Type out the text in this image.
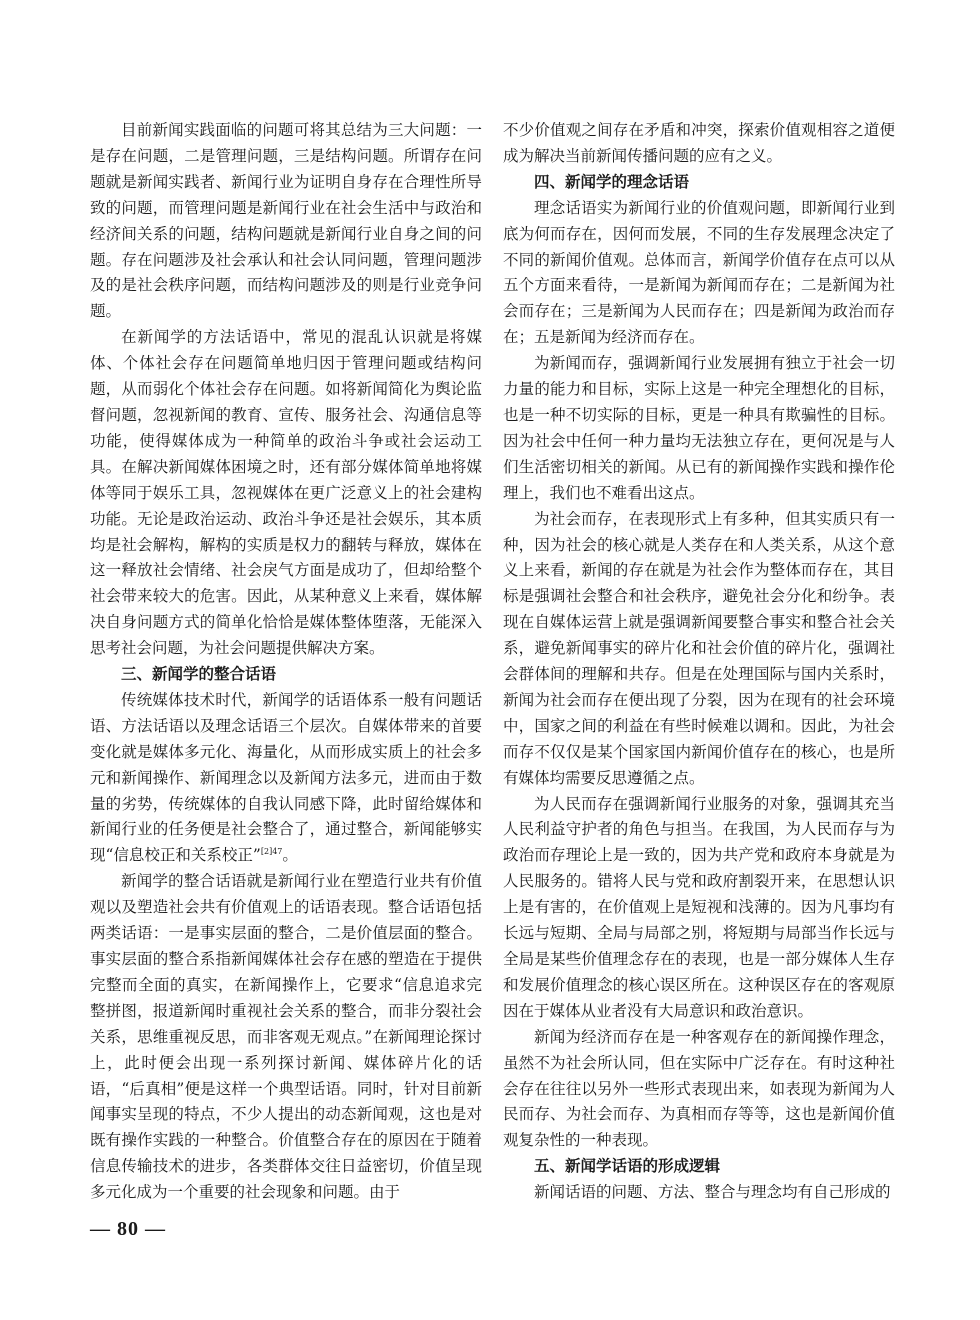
目前新闻实践面临的问题可将其总结为三大问题：一是存在问题，二是管理问题，三是结构问题。所谓存在问题就是新闻实践者、新闻行业为证明自身存在合理性所导致的问题，而管理问题是新闻行业在社会生活中与政治和经济间关系的问题，结构问题就是新闻行业自身之间的问题。存在问题涉及社会承认和社会认同问题，管理问题涉及的是社会秩序问题，而结构问题涉及的则是行业竞争问题。

在新闻学的方法话语中，常见的混乱认识就是将媒体、个体社会存在问题简单地归因于管理问题或结构问题，从而弱化个体社会存在问题。如将新闻简化为舆论监督问题，忽视新闻的教育、宣传、服务社会、沟通信息等功能，使得媒体成为一种简单的政治斗争或社会运动工具。在解决新闻媒体困境之时，还有部分媒体简单地将媒体等同于娱乐工具，忽视媒体在更广泛意义上的社会建构功能。无论是政治运动、政治斗争还是社会娱乐，其本质均是社会解构，解构的实质是权力的翻转与释放，媒体在这一释放社会情绪、社会戾气方面是成功了，但却给整个社会带来较大的危害。因此，从某种意义上来看，媒体解决自身问题方式的简单化恰恰是媒体整体堕落，无能深入思考社会问题，为社会问题提供解决方案。

三、新闻学的整合话语

传统媒体技术时代，新闻学的话语体系一般有问题话语、方法话语以及理念话语三个层次。自媒体带来的首要变化就是媒体多元化、海量化，从而形成实质上的社会多元和新闻操作、新闻理念以及新闻方法多元，进而由于数量的劣势，传统媒体的自我认同感下降，此时留给媒体和新闻行业的任务便是社会整合了，通过整合，新闻能够实现“信息校正和关系校正”$^{[2]47}$。

新闻学的整合话语就是新闻行业在塑造行业共有价值观以及塑造社会共有价值观上的话语表现。整合话语包括两类话语：一是事实层面的整合，二是价值层面的整合。事实层面的整合系指新闻媒体社会存在感的塑造在于提供完整而全面的真实，在新闻操作上，它要求“信息追求完整拼图，报道新闻时重视社会关系的整合，而非分裂社会关系，思维重视反思，而非客观无观点。”在新闻理论探讨上，此时便会出现一系列探讨新闻、媒体碎片化的话语，“后真相”便是这样一个典型话语。同时，针对目前新闻事实呈现的特点，不少人提出的动态新闻观，这也是对既有操作实践的一种整合。价值整合存在的原因在于随着信息传输技术的进步，各类群体交往日益密切，价值呈现多元化成为一个重要的社会现象和问题。由于

不少价值观之间存在矛盾和冲突，探索价值观相容之道便成为解决当前新闻传播问题的应有之义。

四、新闻学的理念话语

理念话语实为新闻行业的价值观问题，即新闻行业到底为何而存在，因何而发展，不同的生存发展理念决定了不同的新闻价值观。总体而言，新闻学价值存在点可以从五个方面来看待，一是新闻为新闻而存在；二是新闻为社会而存在；三是新闻为人民而存在；四是新闻为政治而存在；五是新闻为经济而存在。

为新闻而存，强调新闻行业发展拥有独立于社会一切力量的能力和目标，实际上这是一种完全理想化的目标，也是一种不切实际的目标，更是一种具有欺骗性的目标。因为社会中任何一种力量均无法独立存在，更何况是与人们生活密切相关的新闻。从已有的新闻操作实践和操作伦理上，我们也不难看出这点。

为社会而存，在表现形式上有多种，但其实质只有一种，因为社会的核心就是人类存在和人类关系，从这个意义上来看，新闻的存在就是为社会作为整体而存在，其目标是强调社会整合和社会秩序，避免社会分化和纷争。表现在自媒体运营上就是强调新闻要整合事实和整合社会关系，避免新闻事实的碎片化和社会价值的碎片化，强调社会群体间的理解和共存。但是在处理国际与国内关系时，新闻为社会而存在便出现了分裂，因为在现有的社会环境中，国家之间的利益在有些时候难以调和。因此，为社会而存不仅仅是某个国家国内新闻价值存在的核心，也是所有媒体均需要反思遵循之点。

为人民而存在强调新闻行业服务的对象，强调其充当人民利益守护者的角色与担当。在我国，为人民而存与为政治而存理论上是一致的，因为共产党和政府本身就是为人民服务的。错将人民与党和政府割裂开来，在思想认识上是有害的，在价值观上是短视和浅薄的。因为凡事均有长远与短期、全局与局部之别，将短期与局部当作长远与全局是某些价值理念存在的表现，也是一部分媒体人生存和发展价值理念的核心误区所在。这种误区存在的客观原因在于媒体从业者没有大局意识和政治意识。

新闻为经济而存在是一种客观存在的新闻操作理念，虽然不为社会所认同，但在实际中广泛存在。有时这种社会存在往往以另外一些形式表现出来，如表现为新闻为人民而存、为社会而存、为真相而存等等，这也是新闻价值观复杂性的一种表现。

五、新闻学话语的形成逻辑

新闻话语的问题、方法、整合与理念均有自己形成的

— 80 —
